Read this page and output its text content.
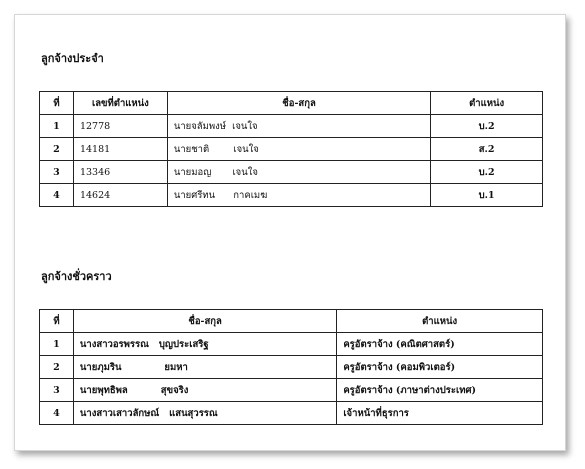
ลูกจ้างประจำ
ที่	เลขที่ตำแหน่ง	ชื่อ-สกุล	ตำแหน่ง
1	12778	นายจลัมพงษ์  เจนใจ	บ.2
2	14181	นายชาติ        เจนใจ	ส.2
3	13346	นายมอญ       เจนใจ	บ.2
4	14624	นายศรีทน      กาคเมฆ	บ.1
ลูกจ้างชั่วคราว
ที่	ชื่อ-สกุล	ตำแหน่ง
1	นางสาวอรพรรณ   บุญประเสริฐ	ครูอัตราจ้าง (คณิตศาสตร์)
2	นายภุมริน             ยมหา	ครูอัตราจ้าง (คอมพิวเตอร์)
3	นายพุทธิพล          สุขจริง	ครูอัตราจ้าง (ภาษาต่างประเทศ)
4	นางสาวเสาวลักษณ์   แสนสุวรรณ	เจ้าหน้าที่ธุรการ
